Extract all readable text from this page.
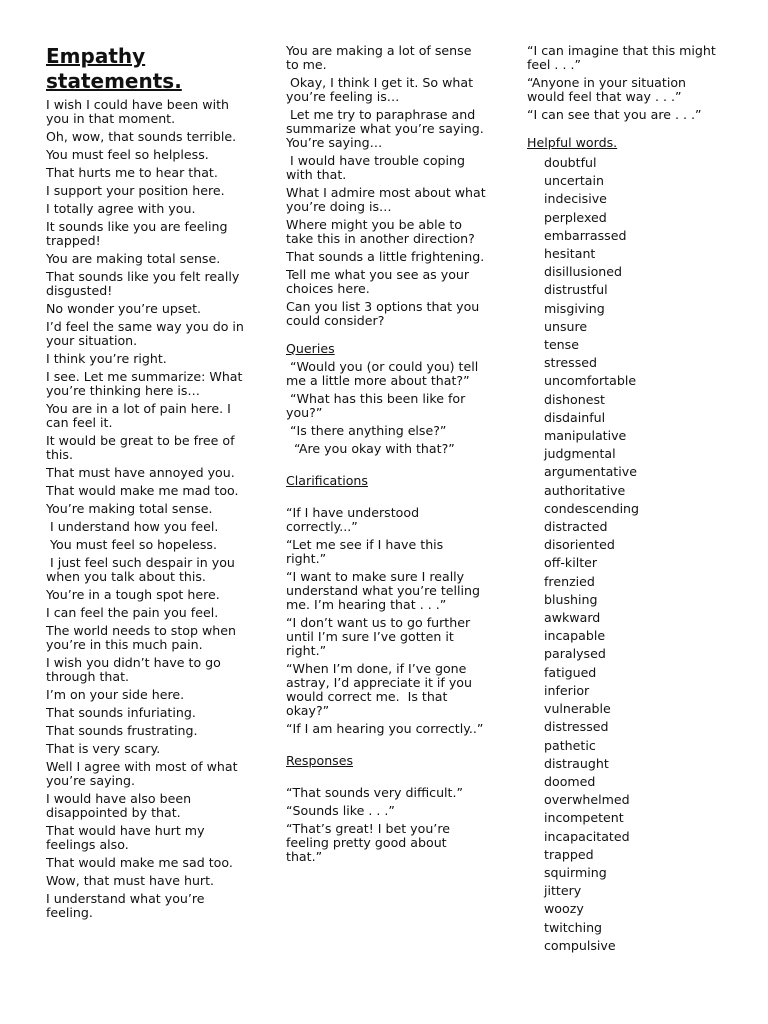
Empathy
statements.
I wish I could have been with you in that moment.
Oh, wow, that sounds terrible.
You must feel so helpless.
That hurts me to hear that.
I support your position here.
I totally agree with you.
It sounds like you are feeling trapped!
You are making total sense.
That sounds like you felt really disgusted!
No wonder you’re upset.
I’d feel the same way you do in your situation.
I think you’re right.
I see. Let me summarize: What you’re thinking here is…
You are in a lot of pain here. I can feel it.
It would be great to be free of this.
That must have annoyed you.
That would make me mad too.
You’re making total sense.
I understand how you feel.
You must feel so hopeless.
I just feel such despair in you when you talk about this.
You’re in a tough spot here.
I can feel the pain you feel.
The world needs to stop when you’re in this much pain.
I wish you didn’t have to go through that.
I’m on your side here.
That sounds infuriating.
That sounds frustrating.
That is very scary.
Well I agree with most of what you’re saying.
I would have also been disappointed by that.
That would have hurt my feelings also.
That would make me sad too.
Wow, that must have hurt.
I understand what you’re feeling.
You are making a lot of sense to me.
Okay, I think I get it. So what you’re feeling is…
Let me try to paraphrase and summarize what you’re saying. You’re saying…
I would have trouble coping with that.
What I admire most about what you’re doing is…
Where might you be able to take this in another direction?
That sounds a little frightening.
Tell me what you see as your choices here.
Can you list 3 options that you could consider?
Queries
“Would you (or could you) tell me a little more about that?”
“What has this been like for you?”
“Is there anything else?”
“Are you okay with that?”
Clarifications
“If I have understood correctly...”
“Let me see if I have this right.”
“I want to make sure I really understand what you’re telling me. I’m hearing that . . .”
“I don’t want us to go further until I’m sure I’ve gotten it right.”
“When I’m done, if I’ve gone astray, I’d appreciate it if you would correct me.  Is that okay?”
“If I am hearing you correctly..”
Responses
“That sounds very difficult.”
“Sounds like . . .”
“That’s great! I bet you’re feeling pretty good about that.”
“I can imagine that this might feel . . .”
“Anyone in your situation would feel that way . . .”
“I can see that you are . . .”
Helpful words.
doubtful
uncertain
indecisive
perplexed
embarrassed
hesitant
disillusioned
distrustful
misgiving
unsure
tense
stressed
uncomfortable
dishonest
disdainful
manipulative
judgmental
argumentative
authoritative
condescending
distracted
disoriented
off-kilter
frenzied
blushing
awkward
incapable
paralysed
fatigued
inferior
vulnerable
distressed
pathetic
distraught
doomed
overwhelmed
incompetent
incapacitated
trapped
squirming
jittery
woozy
twitching
compulsive
